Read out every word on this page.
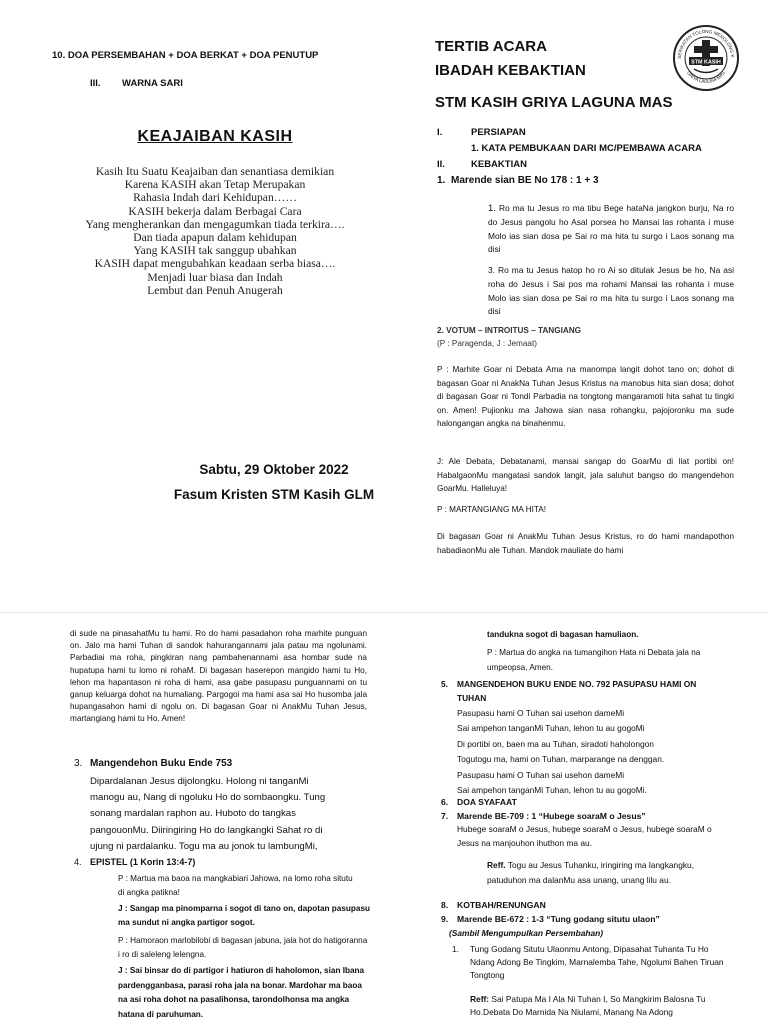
10. DOA PERSEMBAHAN + DOA BERKAT + DOA PENUTUP
III. WARNA SARI
KEAJAIBAN KASIH
Kasih Itu Suatu Keajaiban dan senantiasa demikian
Karena KASIH akan Tetap Merupakan
Rahasia Indah dari Kehidupan……
KASIH bekerja dalam Berbagai Cara
Yang mengherankan dan mengagumkan tiada terkira….
Dan tiada apapun dalam kehidupan
Yang KASIH tak sanggup ubahkan
KASIH dapat mengubahkan keadaan serba biasa….
Menjadi luar biasa dan Indah
Lembut dan Penuh Anugerah
Sabtu, 29 Oktober 2022
Fasum Kristen STM Kasih GLM
TERTIB ACARA
IBADAH KEBAKTIAN
STM KASIH GRIYA LAGUNA MAS
SERIKATAN TOLONG MENOLONG K
GRIYA LAGUNA MAS
STM KASIH
I.	PERSIAPAN
1. KATA PEMBUKAAN DARI MC/PEMBAWA ACARA
II.	KEBAKTIAN
1. Marende sian BE No 178 : 1 + 3
1. Ro ma tu Jesus ro ma tibu Bege hataNa jangkon burju, Na ro do Jesus pangolu ho Asal porsea ho Mansai las rohanta i muse Molo ias sian dosa pe Sai ro ma hita tu surgo i Laos sonang ma disi
3. Ro ma tu Jesus hatop ho ro Ai so ditulak Jesus be ho, Na asi roha do Jesus i Sai pos ma rohami Mansai las rohanta i muse Molo ias sian dosa pe Sai ro ma hita tu surgo i Laos sonang ma disi
2. VOTUM – INTROITUS – TANGIANG
(P : Paragenda, J : Jemaat)
P : Marhite Goar ni Debata Ama na manompa langit dohot tano on; dohot di bagasan Goar ni AnakNa Tuhan Jesus Kristus na manobus hita sian dosa; dohot di bagasan Goar ni Tondi Parbadia na tongtong mangaramoti hita sahat tu tingki on. Amen! Pujionku ma Jahowa sian nasa rohangku, pajojoronku ma sude halongangan angka na binahenmu.
J: Ale Debata, Debatanami, mansai sangap do GoarMu di liat portibi on! HabalgaonMu mangatasi sandok langit, jala saluhut bangso do mangendehon GoarMu. Halleluya!
P : MARTANGIANG MA HITA!
Di bagasan Goar ni AnakMu Tuhan Jesus Kristus, ro do hami mandapothon habadiaonMu ale Tuhan. Mandok mauliate do hami
di sude na pinasahatMu tu hami. Ro do hami pasadahon roha marhite punguan on. Jalo ma hami Tuhan di sandok hahurangannami jala patau ma ngolunami. Parbadiai ma roha, pingkiran nang pambahenannami asa hombar sude na hupatupa hami tu lomo ni rohaM. Di bagasan haserepon mangido hami tu Ho, lehon ma hapantason ni roha di hami, asa gabe pasupasu punguannami on tu ganup keluarga dohot na humaliang. Pargogoi ma hami asa sai Ho husomba jala hupangasahon hami di ngolu on. Di bagasan Goar ni AnakMu Tuhan Jesus, martangiang hami tu Ho. Amen!
3. Mangendehon Buku Ende 753
Dipardalanan Jesus dijolongku. Holong ni tanganMi
manogu au, Nang di ngoluku Ho do sombaongku. Tung
sonang mardalan raphon au. Huboto do tangkas
pangouonMu. Diiringiring Ho do langkangki Sahat ro di
ujung ni pardalanku. Togu ma au jonok tu lambungMi,
4. EPISTEL (1 Korin 13:4-7)
P : Martua ma baoa na mangkabiari Jahowa, na lomo roha situtu di angka patikna!
J : Sangap ma pinomparna i sogot di tano on, dapotan pasupasu ma sundut ni angka partigor sogot.
P : Hamoraon marlobilobi di bagasan jabuna, jala hot do hatigoranna i ro di saleleng lelengna.
J : Sai binsar do di partigor i hatiuron di haholomon, sian Ibana pardengganbasa, parasi roha jala na bonar. Mardohar ma baoa na asi roha dohot na pasalihonsa, tarondolhonsa ma angka hatana di paruhuman.
tandukna sogot di bagasan hamuliaon.
P : Martua do angka na tumangihon Hata ni Debata jala na umpeopsa, Amen.
5. MANGENDEHON BUKU ENDE NO. 792 PASUPASU HAMI ON
TUHAN
Pasupasu hami O Tuhan sai usehon dameMi
Sai ampehon tanganMi Tuhan, lehon tu au gogoMi
Di portibi on, baen ma au Tuhan, siradoti haholongon
Togutogu ma, hami on Tuhan, marparange na denggan.
Pasupasu hami O Tuhan sai usehon dameMi
Sai ampehon tanganMi Tuhan, lehon tu au gogoMi.
6. DOA SYAFAAT
7. Marende BE-709 : 1 “Hubege soaraM o Jesus”
Hubege soaraM o Jesus, hubege soaraM o Jesus, hubege soaraM o Jesus na manjouhon ihuthon ma au.
Reff. Togu au Jesus Tuhanku, iringiring ma langkangku, patuduhon ma dalanMu asa unang, unang lilu au.
8. KOTBAH/RENUNGAN
9. Marende BE-672 : 1-3 “Tung godang situtu ulaon”
(Sambil Mengumpulkan Persembahan)
1. Tung Godang Situtu Ulaonmu Antong, Dipasahat Tuhanta Tu Ho Ndang Adong Be Tingkim, Marnalemba Tahe, Ngolumi Bahen Tiruan Tongtong
Reff: Sai Patupa Ma I Ala Ni Tuhan I, So Mangkirim Balosna Tu Ho.Debata Do Marnida Na Niulami, Manang Na Adong
